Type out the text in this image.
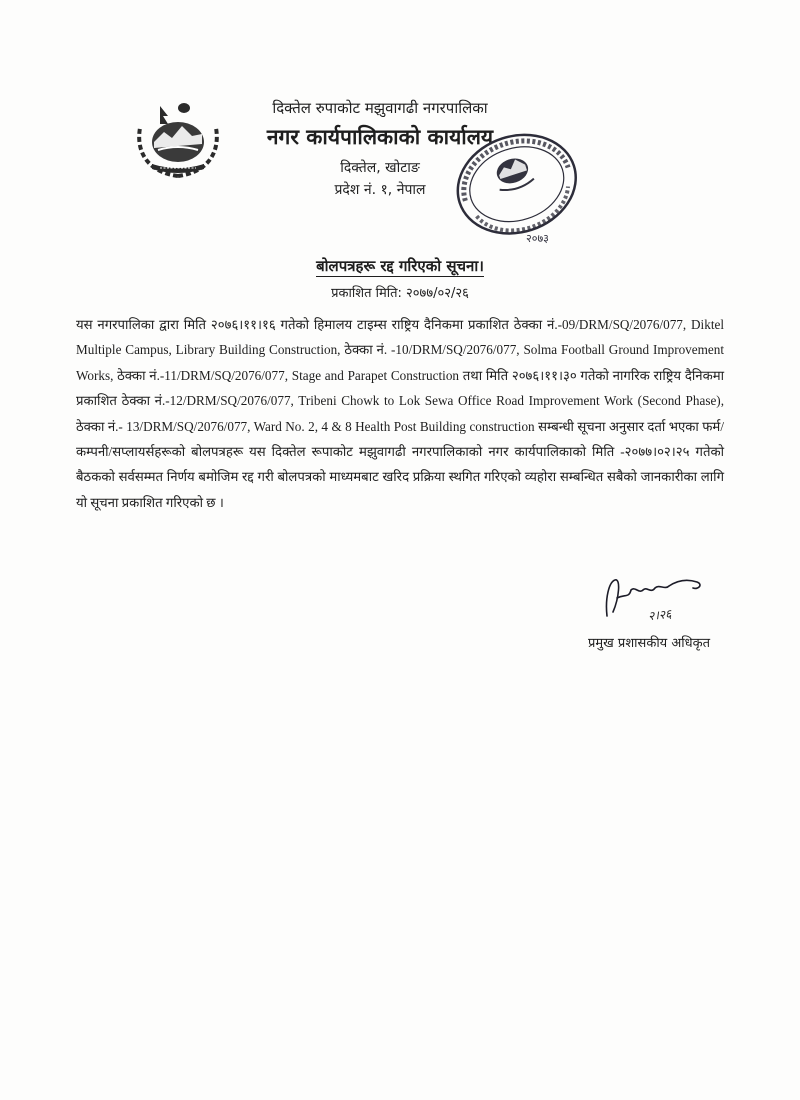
दिक्तेल रुपाकोट मझुवागढी नगरपालिका
नगर कार्यपालिकाको कार्यालय
दिक्तेल, खोटाङ
प्रदेश नं. १, नेपाल
२०७३
बोलपत्रहरू रद्द गरिएको सूचना।
प्रकाशित मिति: २०७७/०२/२६
यस नगरपालिका द्वारा मिति २०७६।११।१६ गतेको हिमालय टाइम्स राष्ट्रिय दैनिकमा प्रकाशित ठेक्का नं.-09/DRM/SQ/2076/077, Diktel Multiple Campus, Library Building Construction, ठेक्का नं. -10/DRM/SQ/2076/077, Solma Football Ground Improvement Works, ठेक्का नं.-11/DRM/SQ/2076/077, Stage and Parapet Construction तथा मिति २०७६।११।३० गतेको नागरिक राष्ट्रिय दैनिकमा प्रकाशित ठेक्का नं.-12/DRM/SQ/2076/077, Tribeni Chowk to Lok Sewa Office Road Improvement Work (Second Phase), ठेक्का नं.- 13/DRM/SQ/2076/077, Ward No. 2, 4 & 8 Health Post Building construction सम्बन्धी सूचना अनुसार दर्ता भएका फर्म/कम्पनी/सप्लायर्सहरूको बोलपत्रहरू यस दिक्तेल रूपाकोट मझुवागढी नगरपालिकाको नगर कार्यपालिकाको मिति -२०७७।०२।२५ गतेको बैठकको सर्वसम्मत निर्णय बमोजिम रद्द गरी बोलपत्रको माध्यमबाट खरिद प्रक्रिया स्थगित गरिएको व्यहोरा सम्बन्धित सबैको जानकारीका लागि यो सूचना प्रकाशित गरिएको छ ।
२।२६
प्रमुख प्रशासकीय अधिकृत
